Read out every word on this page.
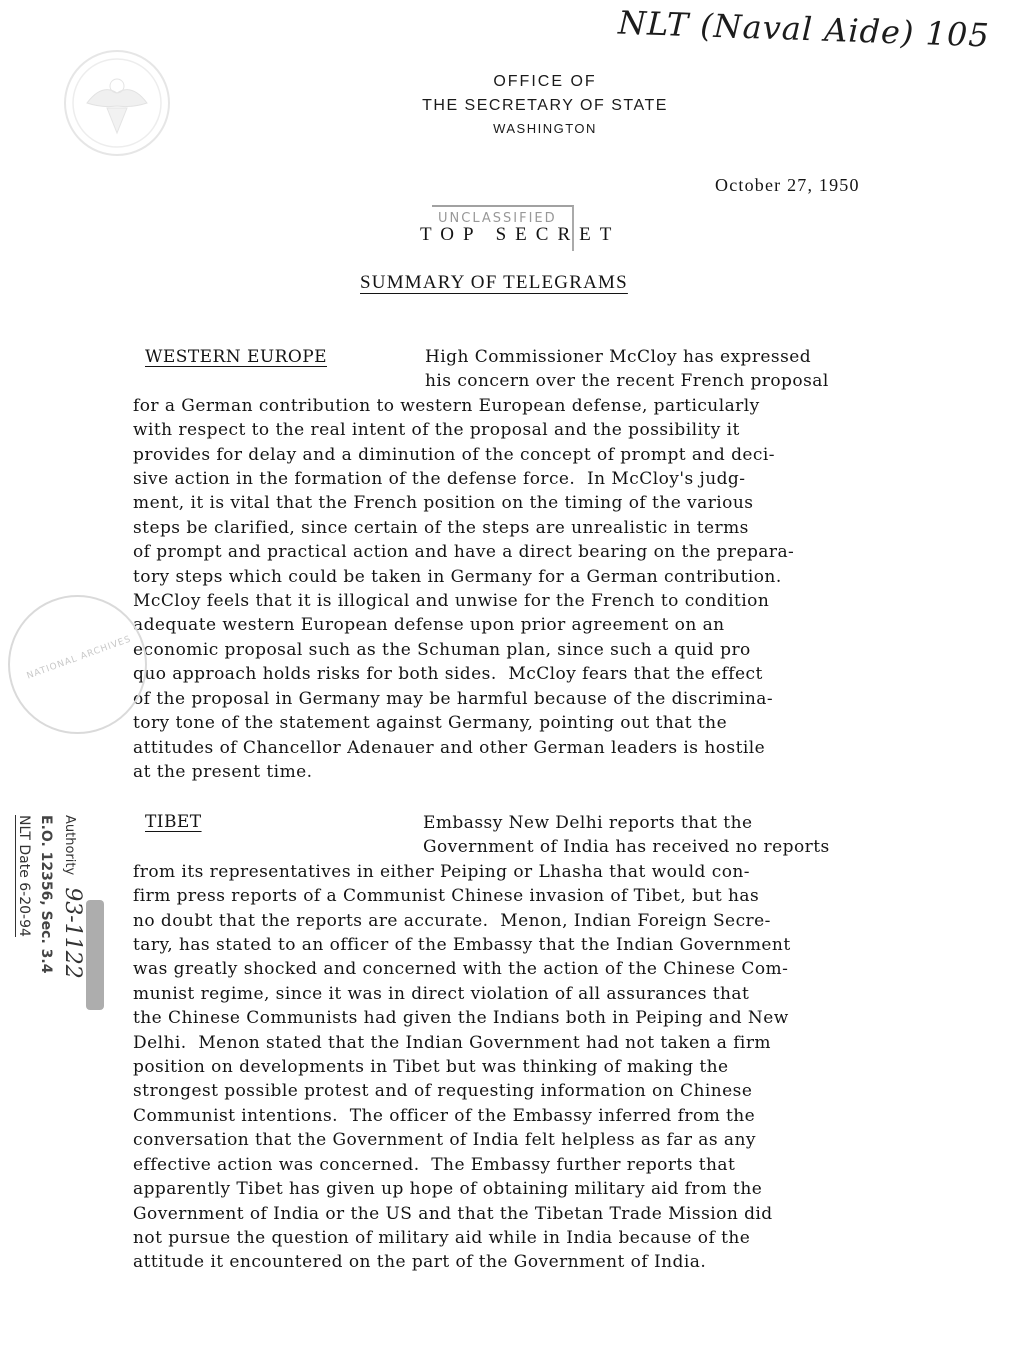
NLT (Naval Aide) 105
OFFICE OF
THE SECRETARY OF STATE
WASHINGTON
October 27, 1950
UNCLASSIFIED
TOP SECRET
SUMMARY OF TELEGRAMS
WESTERN EUROPE	High Commissioner McCloy has expressed
his concern over the recent French proposal
for a German contribution to western European defense, particularly
with respect to the real intent of the proposal and the possibility it
provides for delay and a diminution of the concept of prompt and deci-
sive action in the formation of the defense force.  In McCloy's judg-
ment, it is vital that the French position on the timing of the various
steps be clarified, since certain of the steps are unrealistic in terms
of prompt and practical action and have a direct bearing on the prepara-
tory steps which could be taken in Germany for a German contribution.
McCloy feels that it is illogical and unwise for the French to condition
adequate western European defense upon prior agreement on an
economic proposal such as the Schuman plan, since such a quid pro
quo approach holds risks for both sides.  McCloy fears that the effect
of the proposal in Germany may be harmful because of the discrimina-
tory tone of the statement against Germany, pointing out that the
attitudes of Chancellor Adenauer and other German leaders is hostile
at the present time.
TIBET	Embassy New Delhi reports that the
Government of India has received no reports
from its representatives in either Peiping or Lhasha that would con-
firm press reports of a Communist Chinese invasion of Tibet, but has
no doubt that the reports are accurate.  Menon, Indian Foreign Secre-
tary, has stated to an officer of the Embassy that the Indian Government
was greatly shocked and concerned with the action of the Chinese Com-
munist regime, since it was in direct violation of all assurances that
the Chinese Communists had given the Indians both in Peiping and New
Delhi.  Menon stated that the Indian Government had not taken a firm
position on developments in Tibet but was thinking of making the
strongest possible protest and of requesting information on Chinese
Communist intentions.  The officer of the Embassy inferred from the
conversation that the Government of India felt helpless as far as any
effective action was concerned.  The Embassy further reports that
apparently Tibet has given up hope of obtaining military aid from the
Government of India or the US and that the Tibetan Trade Mission did
not pursue the question of military aid while in India because of the
attitude it encountered on the part of the Government of India.
NATIONAL ARCHIVES
Authority 93-1122
E.O. 12356, Sec. 3.4
NLT Date 6-20-94
